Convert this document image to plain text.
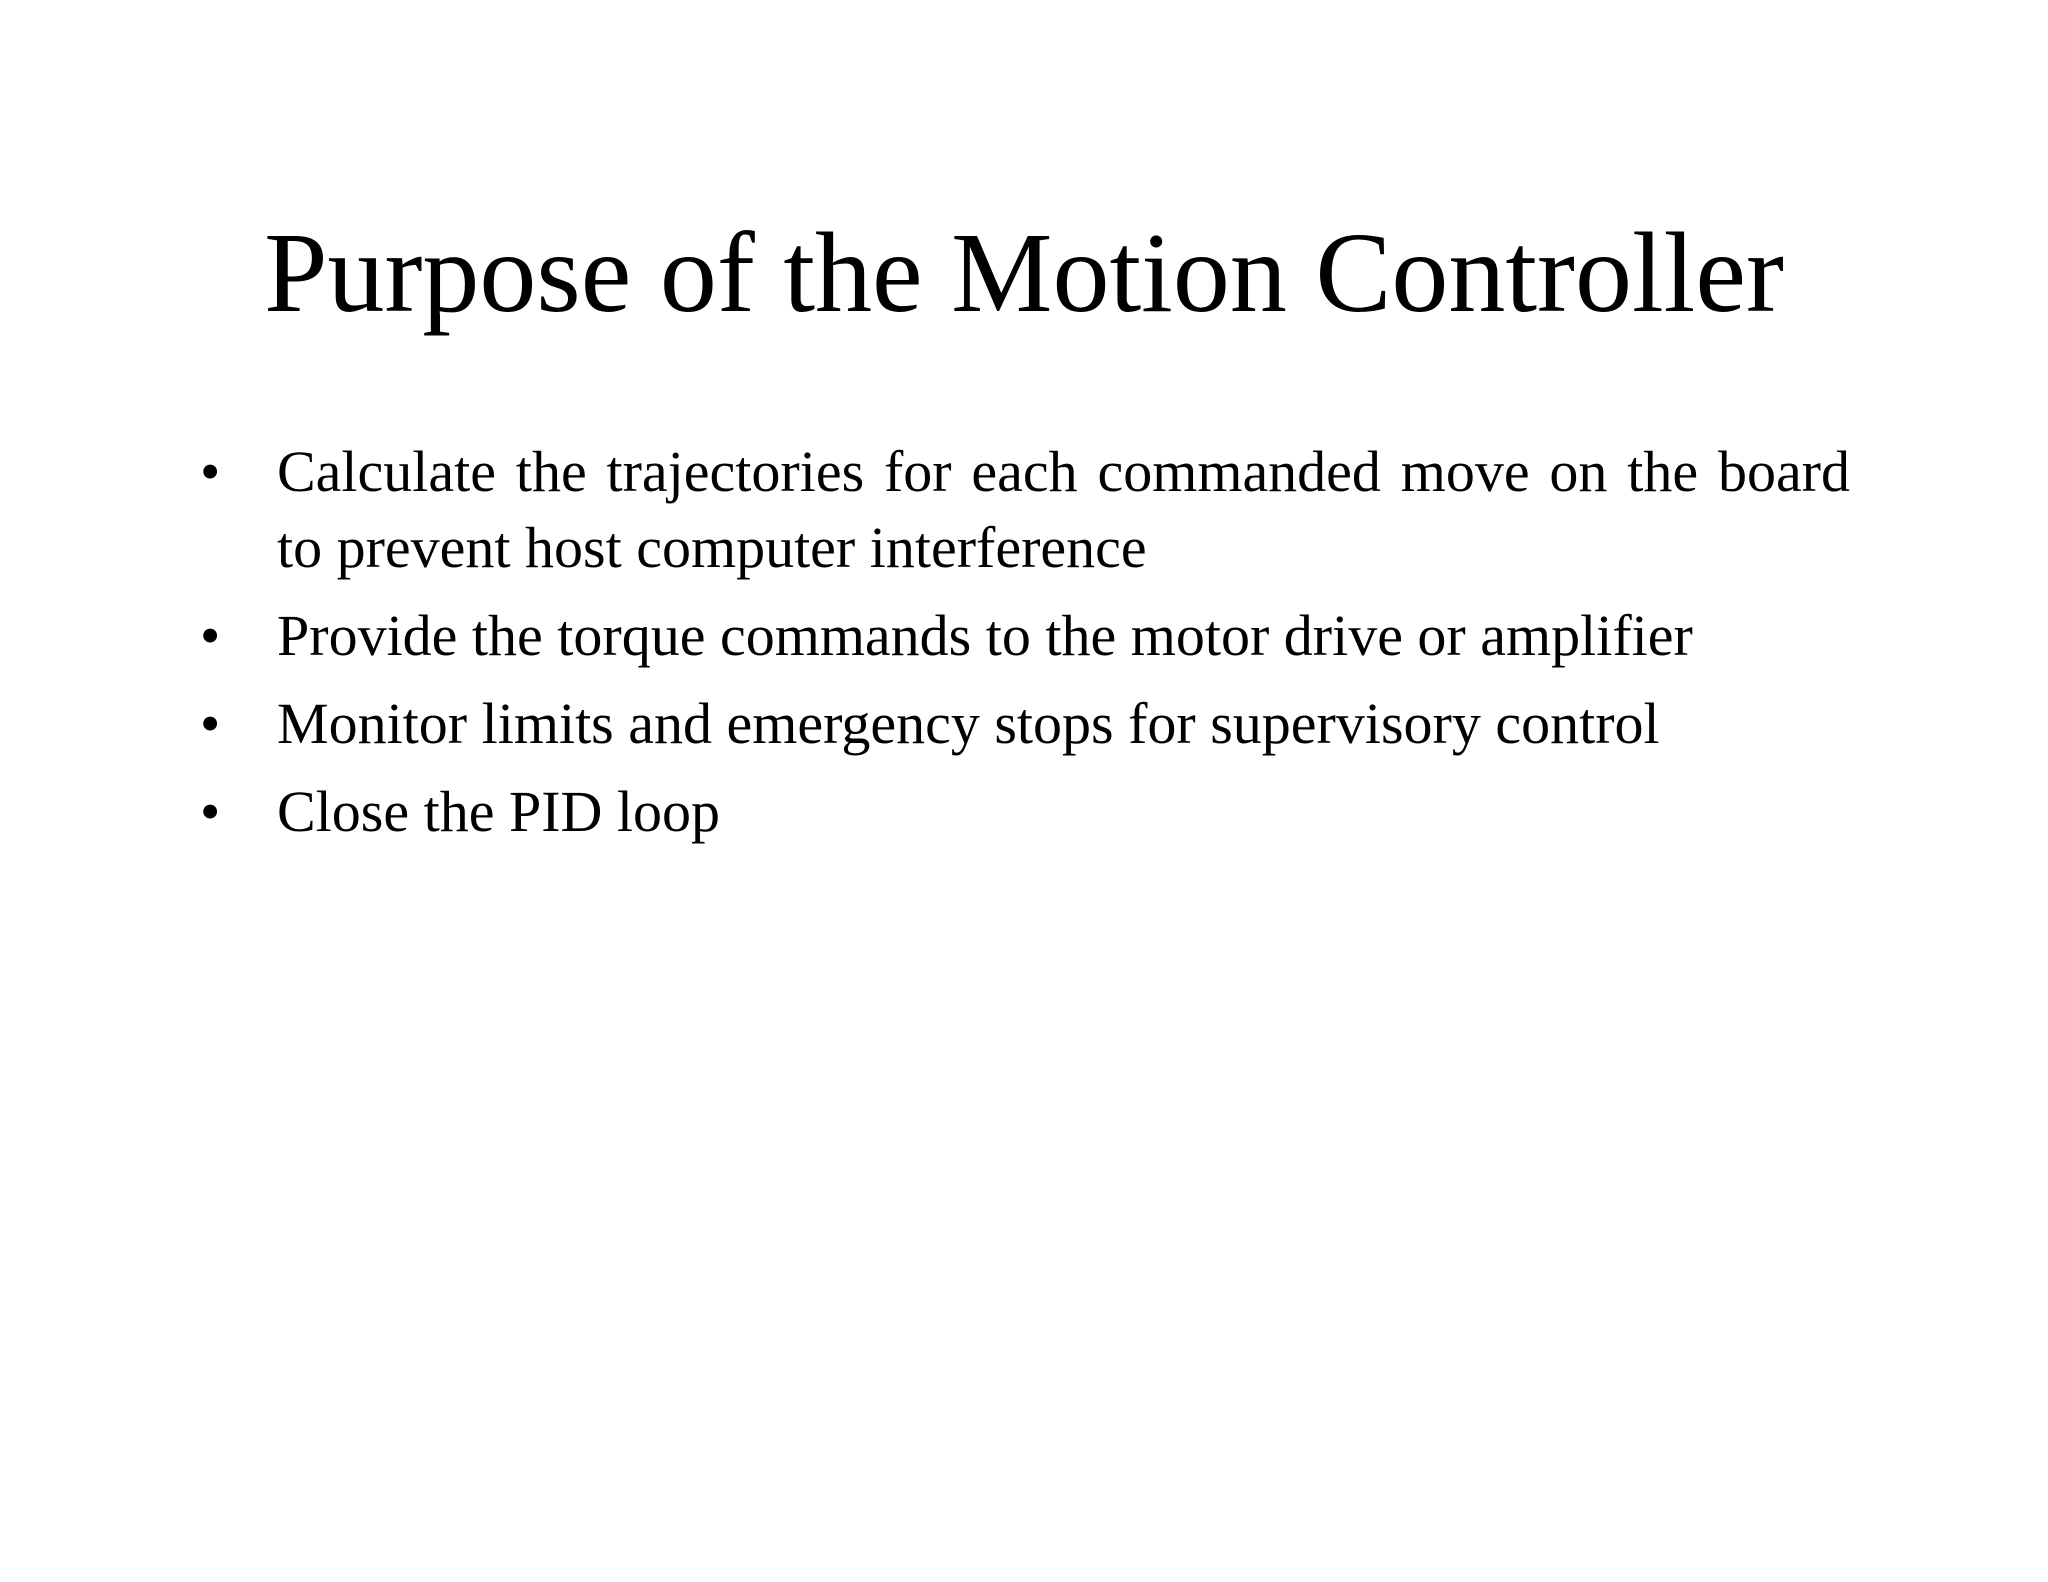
Purpose of the Motion Controller
• Calculate the trajectories for each commanded move on the board to prevent host computer interference
• Provide the torque commands to the motor drive or amplifier
• Monitor limits and emergency stops for supervisory control
• Close the PID loop
